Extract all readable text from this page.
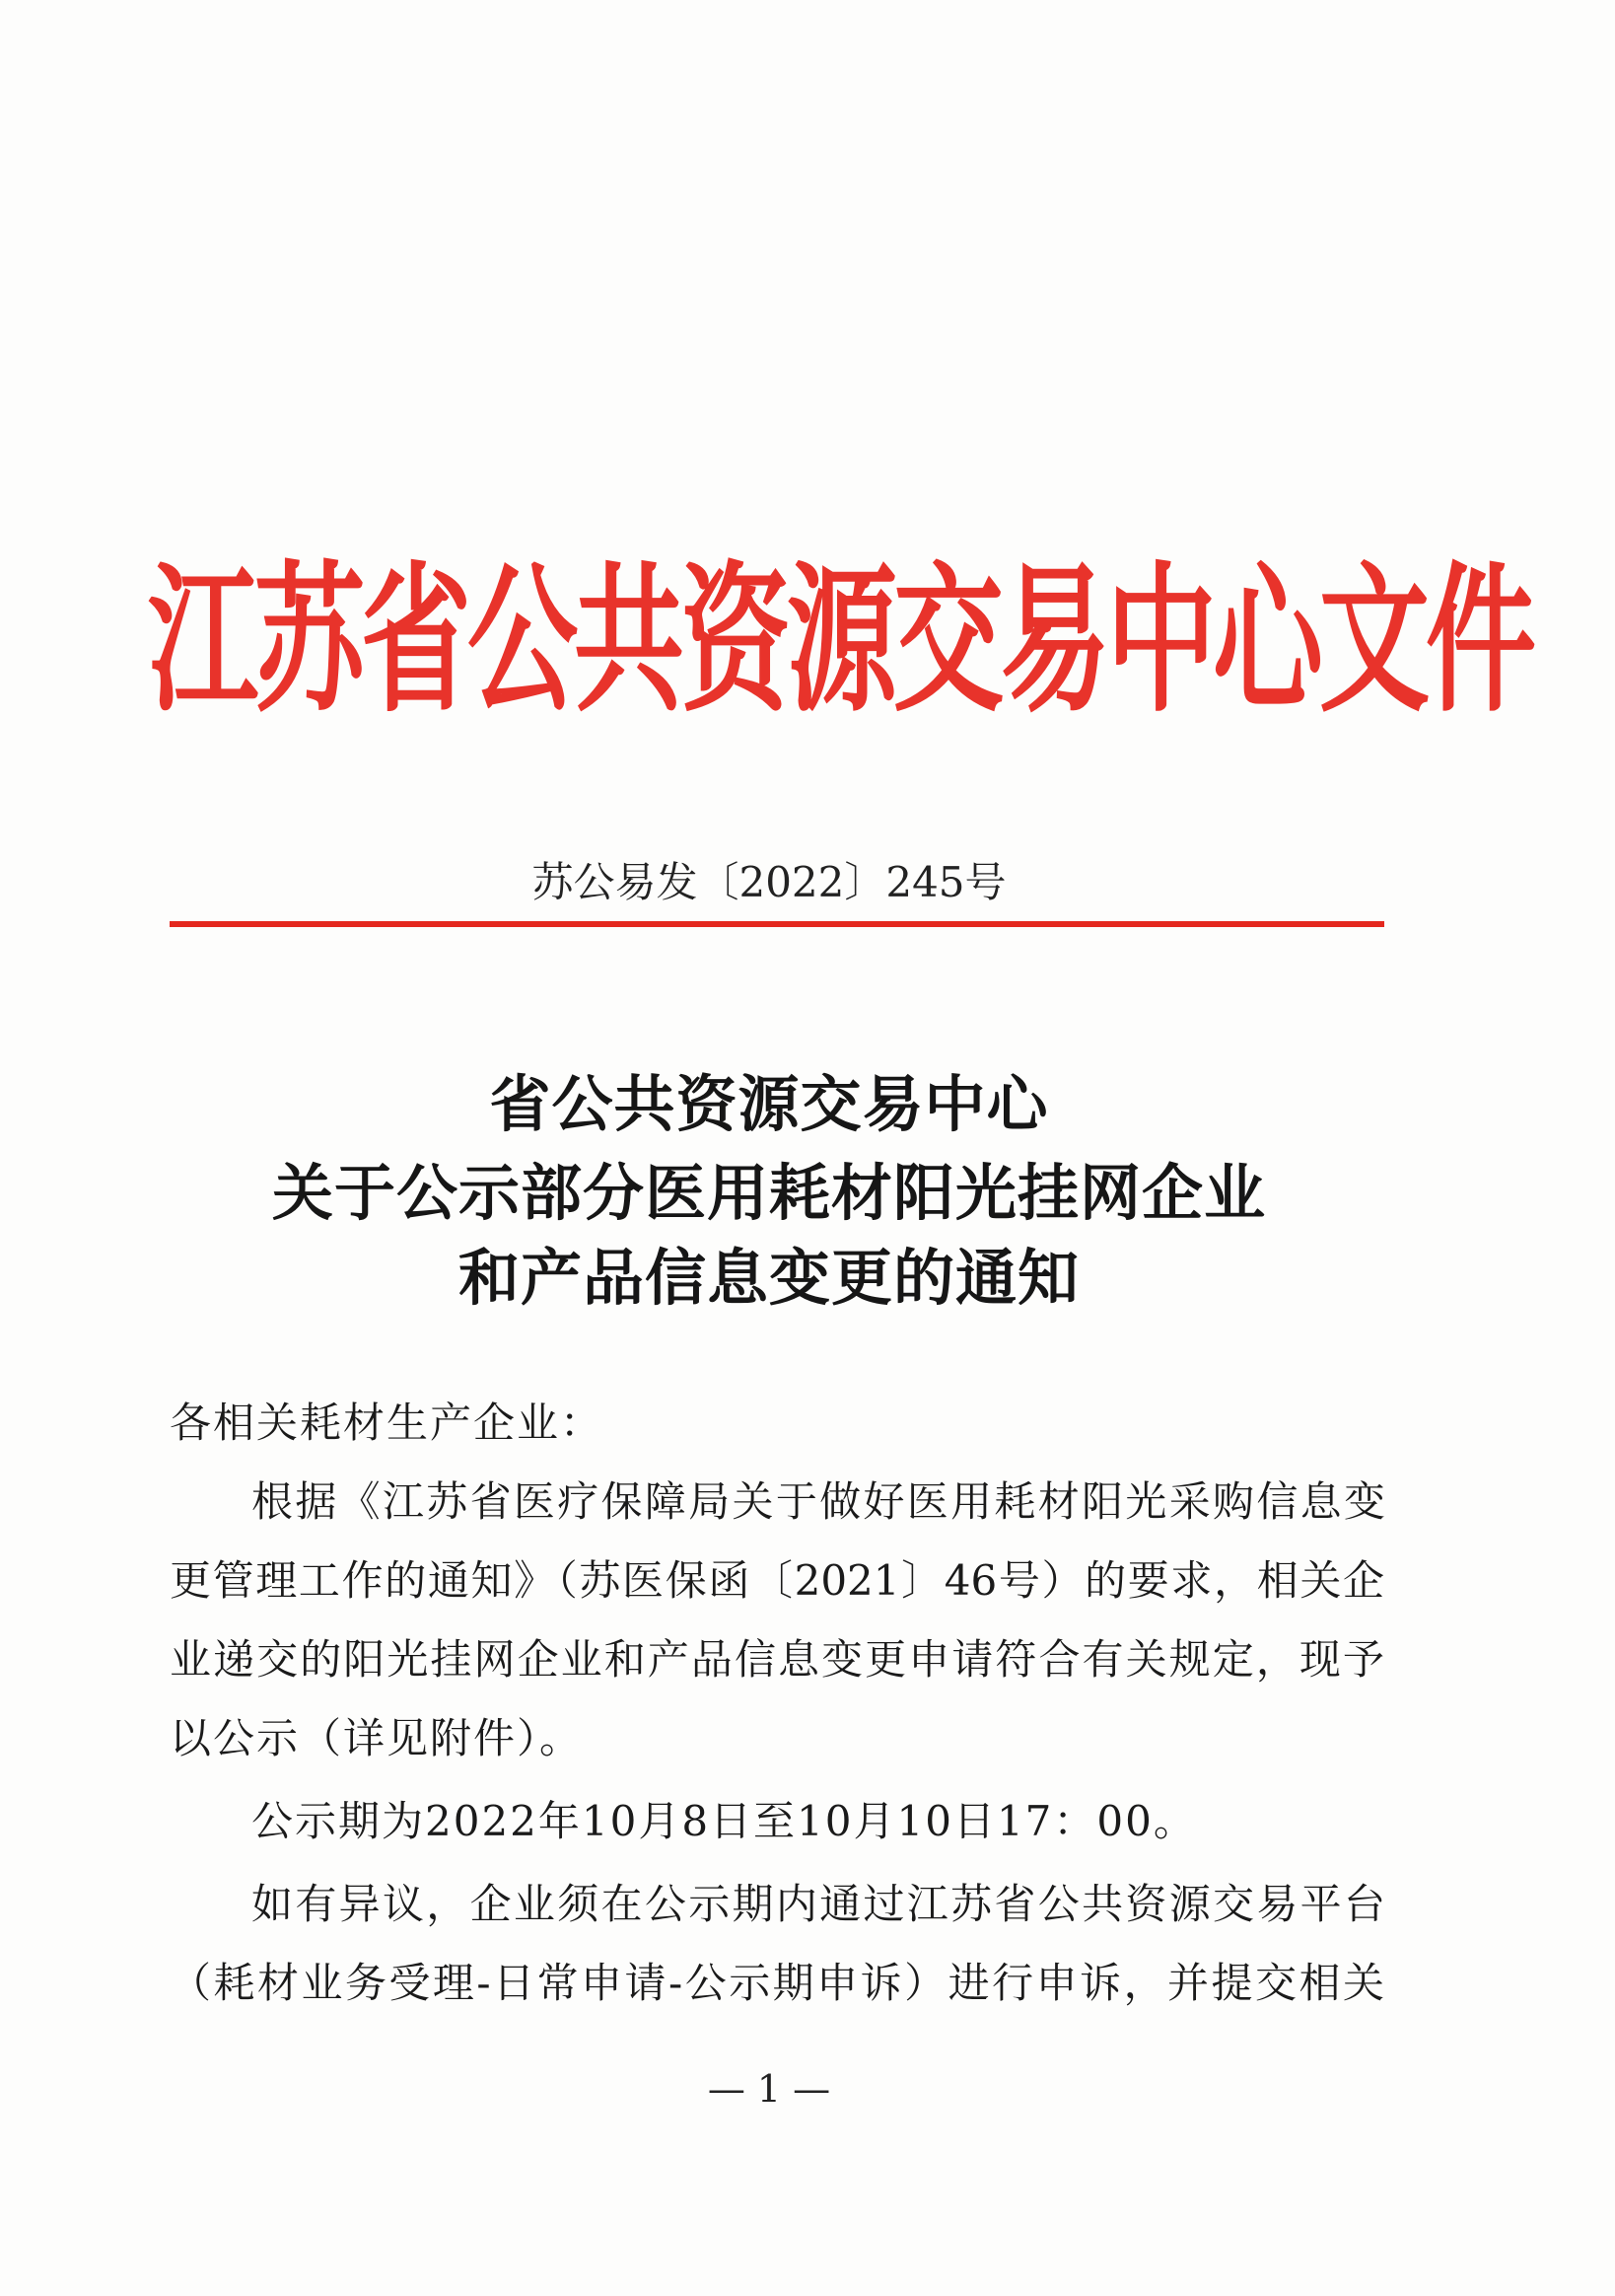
江苏省公共资源交易中心文件
苏公易发〔2022〕245号
省公共资源交易中心
关于公示部分医用耗材阳光挂网企业
和产品信息变更的通知
各相关耗材生产企业：
根据《江苏省医疗保障局关于做好医用耗材阳光采购信息变
更管理工作的通知》（苏医保函〔2021〕46号）的要求，相关企
业递交的阳光挂网企业和产品信息变更申请符合有关规定，现予
以公示（详见附件）。
公示期为2022年10月8日至10月10日17：00。
如有异议，企业须在公示期内通过江苏省公共资源交易平台
（耗材业务受理-日常申请-公示期申诉）进行申诉，并提交相关
— 1 —
